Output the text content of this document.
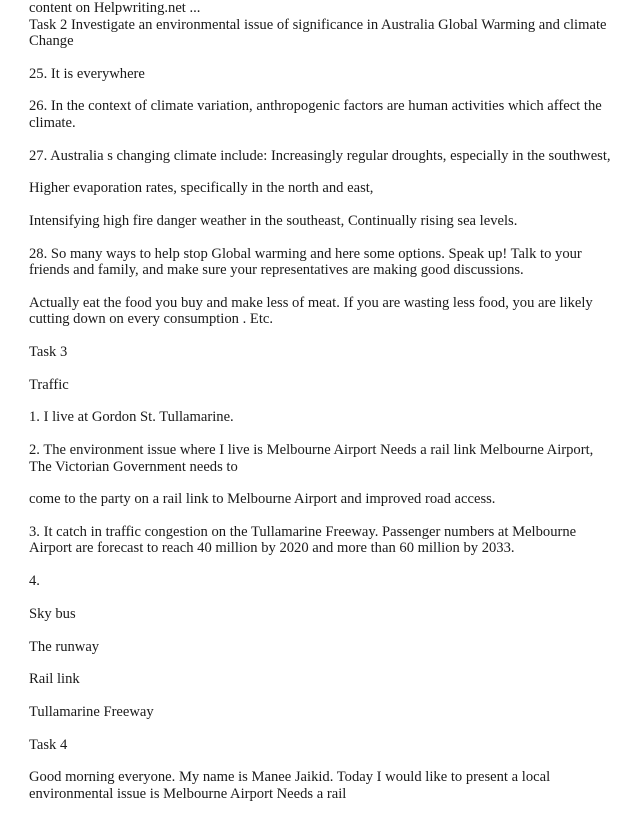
content on Helpwriting.net ...

Task 2 Investigate an environmental issue of significance in Australia Global Warming and climate Change

25. It is everywhere

26. In the context of climate variation, anthropogenic factors are human activities which affect the climate.

27. Australia s changing climate include: Increasingly regular droughts, especially in the southwest,

Higher evaporation rates, specifically in the north and east,

Intensifying high fire danger weather in the southeast, Continually rising sea levels.

28. So many ways to help stop Global warming and here some options. Speak up! Talk to your friends and family, and make sure your representatives are making good discussions.

Actually eat the food you buy and make less of meat. If you are wasting less food, you are likely cutting down on every consumption . Etc.

Task 3

Traffic

1. I live at Gordon St. Tullamarine.

2. The environment issue where I live is Melbourne Airport Needs a rail link Melbourne Airport, The Victorian Government needs to

come to the party on a rail link to Melbourne Airport and improved road access.

3. It catch in traffic congestion on the Tullamarine Freeway. Passenger numbers at Melbourne Airport are forecast to reach 40 million by 2020 and more than 60 million by 2033.

4.

Sky bus

The runway

Rail link

Tullamarine Freeway

Task 4

Good morning everyone. My name is Manee Jaikid. Today I would like to present a local environmental issue is Melbourne Airport Needs a rail
